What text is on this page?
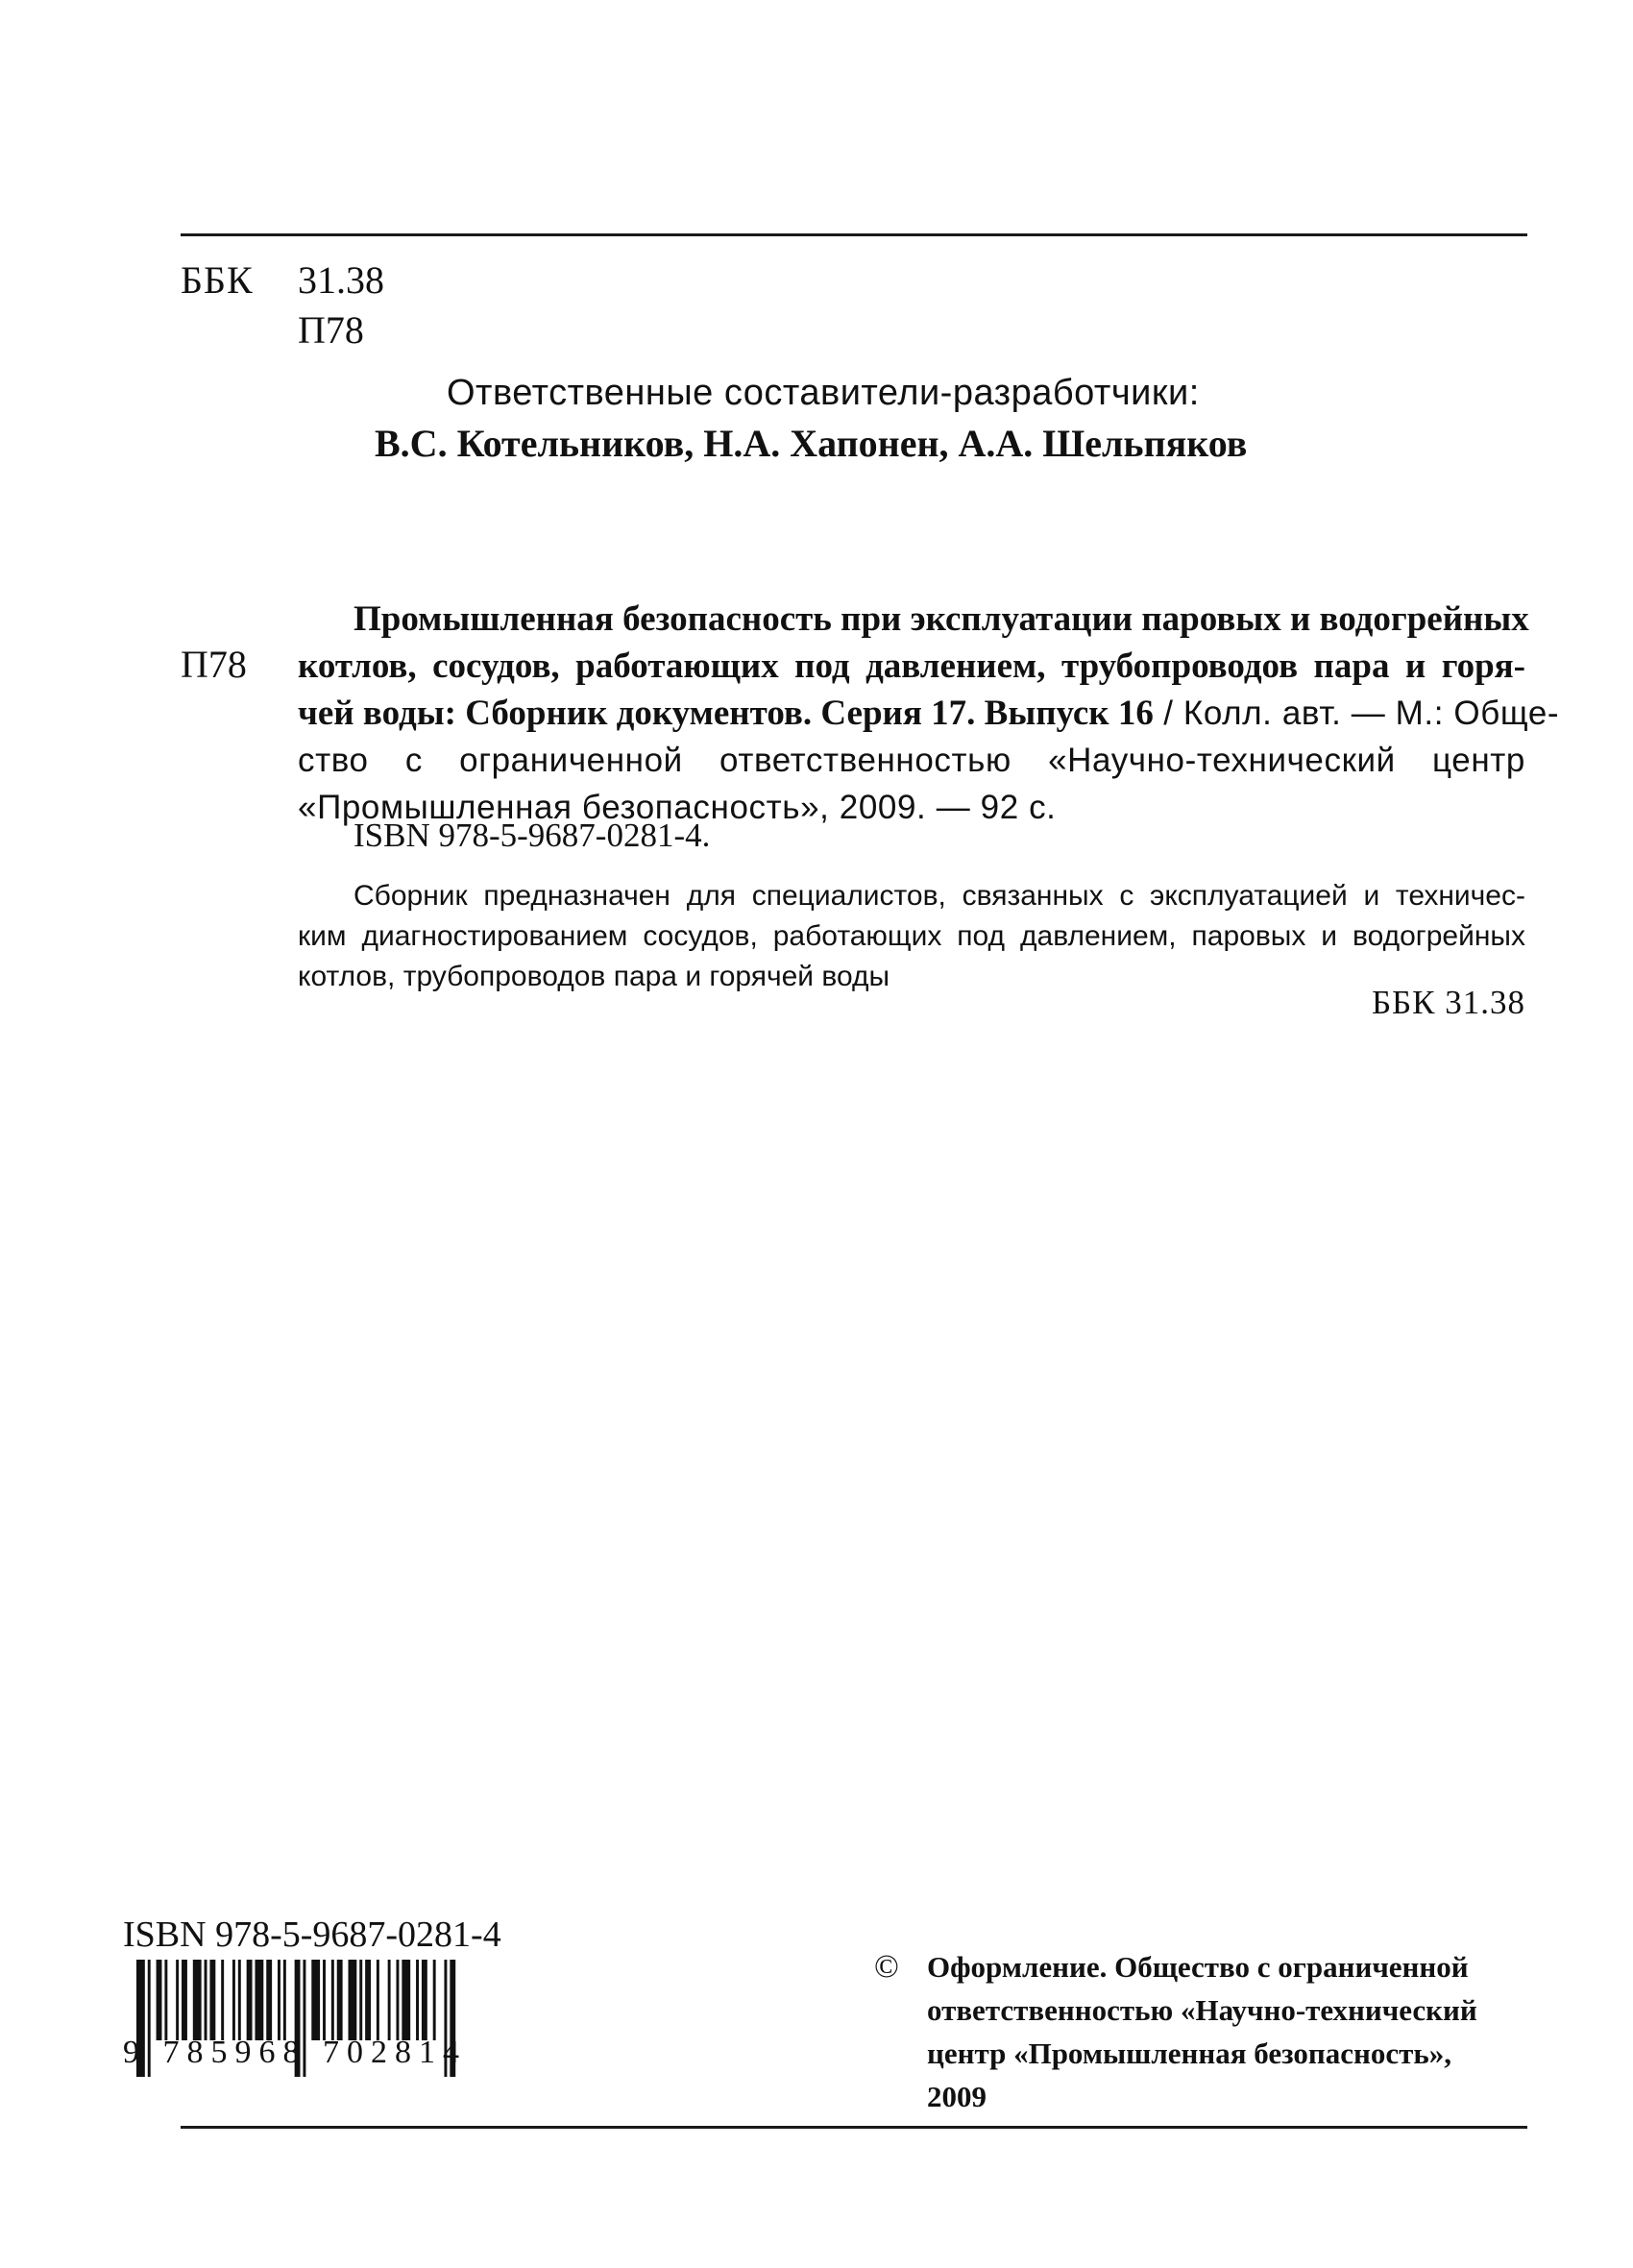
ББК 31.38
П78
Ответственные составители-разработчики:
В.С. Котельников, Н.А. Хапонен, А.А. Шельпяков
П78
Промышленная безопасность при эксплуатации паровых и водогрейных
котлов, сосудов, работающих под давлением, трубопроводов пара и горя-
чей воды: Сборник документов. Серия 17. Выпуск 16 / Колл. авт. — М.: Обще-
ство с ограниченной ответственностью «Научно-технический центр
«Промышленная безопасность», 2009. — 92 с.
ISBN 978-5-9687-0281-4.
Сборник предназначен для специалистов, связанных с эксплуатацией и техничес-
ким диагностированием сосудов, работающих под давлением, паровых и водогрейных
котлов, трубопроводов пара и горячей воды
ББК 31.38
ISBN 978-5-9687-0281-4
9 785968 702814
© Оформление. Общество с ограниченной
ответственностью «Научно-технический
центр «Промышленная безопасность»,
2009
